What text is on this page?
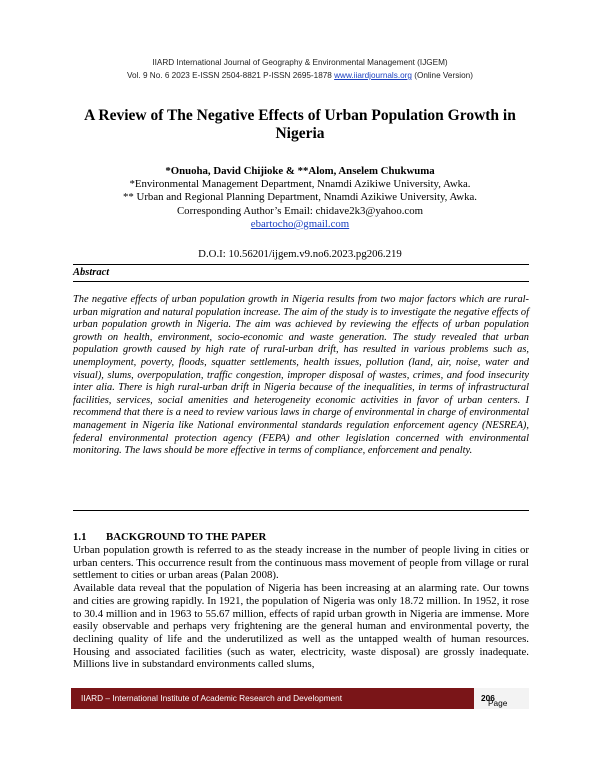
IIARD International Journal of Geography & Environmental Management (IJGEM)
Vol. 9 No. 6 2023 E-ISSN 2504-8821 P-ISSN 2695-1878 www.iiardjournals.org (Online Version)
A Review of The Negative Effects of Urban Population Growth in Nigeria
*Onuoha, David Chijioke & **Alom, Anselem Chukwuma
*Environmental Management Department, Nnamdi Azikiwe University, Awka.
** Urban and Regional Planning Department, Nnamdi Azikiwe University, Awka.
Corresponding Author’s Email: chidave2k3@yahoo.com
ebartocho@gmail.com
D.O.I: 10.56201/ijgem.v9.no6.2023.pg206.219
Abstract
The negative effects of urban population growth in Nigeria results from two major factors which are rural-urban migration and natural population increase. The aim of the study is to investigate the negative effects of urban population growth in Nigeria. The aim was achieved by reviewing the effects of urban population growth on health, environment, socio-economic and waste generation. The study revealed that urban population growth caused by high rate of rural-urban drift, has resulted in various problems such as, unemployment, poverty, floods, squatter settlements, health issues, pollution (land, air, noise, water and visual), slums, overpopulation, traffic congestion, improper disposal of wastes, crimes, and food insecurity inter alia. There is high rural-urban drift in Nigeria because of the inequalities, in terms of infrastructural facilities, services, social amenities and heterogeneity economic activities in favor of urban centers. I recommend that there is a need to review various laws in charge of environmental in charge of environmental management in Nigeria like National environmental standards regulation enforcement agency (NESREA), federal environmental protection agency (FEPA) and other legislation concerned with environmental monitoring. The laws should be more effective in terms of compliance, enforcement and penalty.
1.1 BACKGROUND TO THE PAPER

Urban population growth is referred to as the steady increase in the number of people living in cities or urban centers. This occurrence result from the continuous mass movement of people from village or rural settlement to cities or urban areas (Palan 2008).

Available data reveal that the population of Nigeria has been increasing at an alarming rate. Our towns and cities are growing rapidly. In 1921, the population of Nigeria was only 18.72 million. In 1952, it rose to 30.4 million and in 1963 to 55.67 million, effects of rapid urban growth in Nigeria are immense. More easily observable and perhaps very frightening are the general human and environmental poverty, the declining quality of life and the underutilized as well as the untapped wealth of human resources. Housing and associated facilities (such as water, electricity, waste disposal) are grossly inadequate. Millions live in substandard environments called slums,

IIARD – International Institute of Academic Research and Development	Page
206
